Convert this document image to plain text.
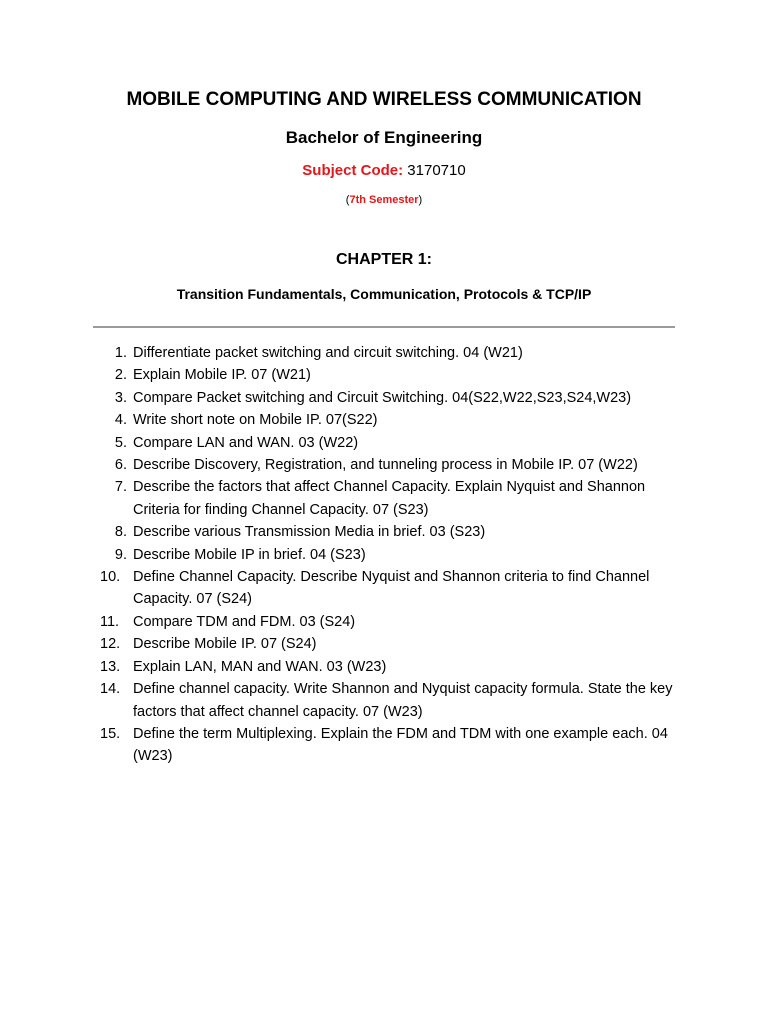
MOBILE COMPUTING AND WIRELESS COMMUNICATION
Bachelor of Engineering
Subject Code: 3170710
(7th Semester)
CHAPTER 1:
Transition Fundamentals, Communication, Protocols & TCP/IP
1. Differentiate packet switching and circuit switching. 04 (W21)
2. Explain Mobile IP. 07 (W21)
3. Compare Packet switching and Circuit Switching. 04(S22,W22,S23,S24,W23)
4. Write short note on Mobile IP. 07(S22)
5. Compare LAN and WAN. 03 (W22)
6. Describe Discovery, Registration, and tunneling process in Mobile IP. 07 (W22)
7. Describe the factors that affect Channel Capacity. Explain Nyquist and Shannon Criteria for finding Channel Capacity. 07 (S23)
8. Describe various Transmission Media in brief. 03 (S23)
9. Describe Mobile IP in brief. 04 (S23)
10. Define Channel Capacity. Describe Nyquist and Shannon criteria to find Channel Capacity. 07 (S24)
11. Compare TDM and FDM. 03 (S24)
12. Describe Mobile IP. 07 (S24)
13. Explain LAN, MAN and WAN. 03 (W23)
14. Define channel capacity. Write Shannon and Nyquist capacity formula. State the key factors that affect channel capacity. 07 (W23)
15. Define the term Multiplexing. Explain the FDM and TDM with one example each. 04 (W23)
